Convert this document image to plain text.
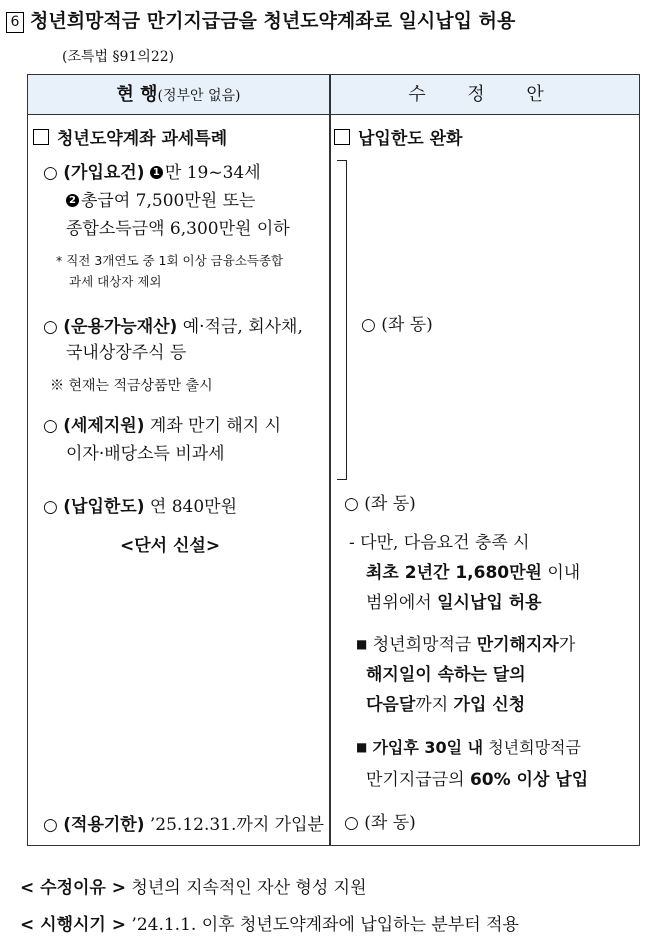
6 청년희망적금 만기지급금을 청년도약계좌로 일시납입 허용
(조특법 §91의22)
현 행(정부안 없음)	수 정 안
청년도약계좌 과세특례
○ (가입요건) 1 만 19~34세
2 총급여 7,500만원 또는
종합소득금액 6,300만원 이하
* 직전 3개연도 중 1회 이상 금융소득종합
과세 대상자 제외
○ (운용가능재산) 예·적금, 회사채,
국내상장주식 등
※ 현재는 적금상품만 출시
○ (세제지원) 계좌 만기 해지 시
이자·배당소득 비과세
○ (납입한도) 연 840만원
<단서 신설>
○ (적용기한) ’25.12.31.까지 가입분
납입한도 완화
○ (좌 동)
○ (좌 동)
- 다만, 다음요건 충족 시
최초 2년간 1,680만원 이내
범위에서 일시납입 허용
■ 청년희망적금 만기해지자가
해지일이 속하는 달의
다음달까지 가입 신청
■ 가입후 30일 내 청년희망적금
만기지급금의 60% 이상 납입
○ (좌 동)
< 수정이유 > 청년의 지속적인 자산 형성 지원
< 시행시기 > ’24.1.1. 이후 청년도약계좌에 납입하는 분부터 적용
